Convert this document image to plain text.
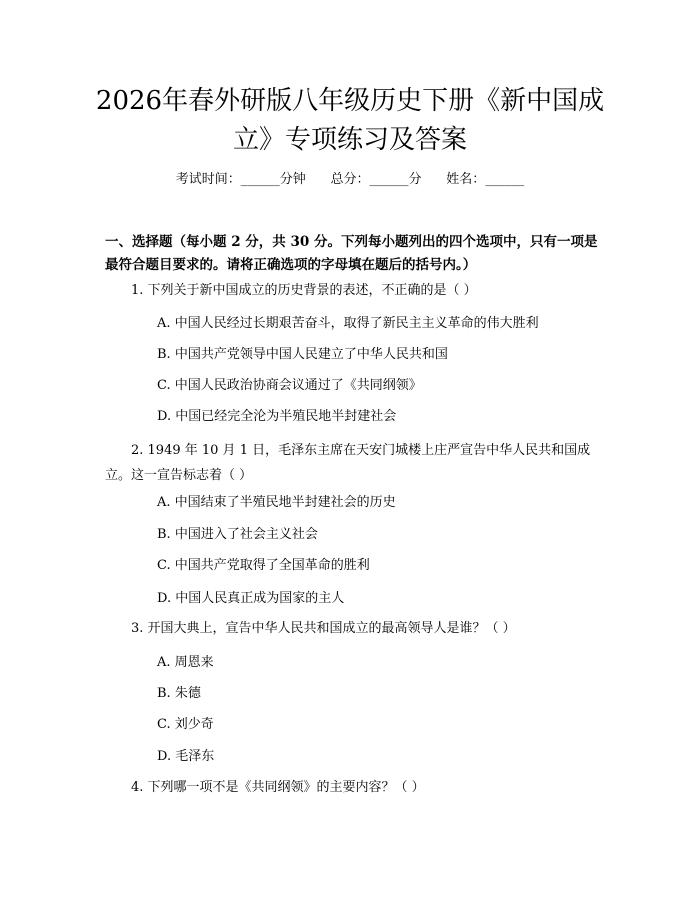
2026年春外研版八年级历史下册《新中国成
立》专项练习及答案
考试时间：______分钟      总分：______分      姓名：______
一、选择题（每小题 2 分，共 30 分。下列每小题列出的四个选项中，只有一项是最符合题目要求的。请将正确选项的字母填在题后的括号内。）
1. 下列关于新中国成立的历史背景的表述，不正确的是（ ）
A. 中国人民经过长期艰苦奋斗，取得了新民主主义革命的伟大胜利
B. 中国共产党领导中国人民建立了中华人民共和国
C. 中国人民政治协商会议通过了《共同纲领》
D. 中国已经完全沦为半殖民地半封建社会
2. 1949 年 10 月 1 日，毛泽东主席在天安门城楼上庄严宣告中华人民共和国成立。这一宣告标志着（ ）
A. 中国结束了半殖民地半封建社会的历史
B. 中国进入了社会主义社会
C. 中国共产党取得了全国革命的胜利
D. 中国人民真正成为国家的主人
3. 开国大典上，宣告中华人民共和国成立的最高领导人是谁？（ ）
A. 周恩来
B. 朱德
C. 刘少奇
D. 毛泽东
4. 下列哪一项不是《共同纲领》的主要内容？（ ）
